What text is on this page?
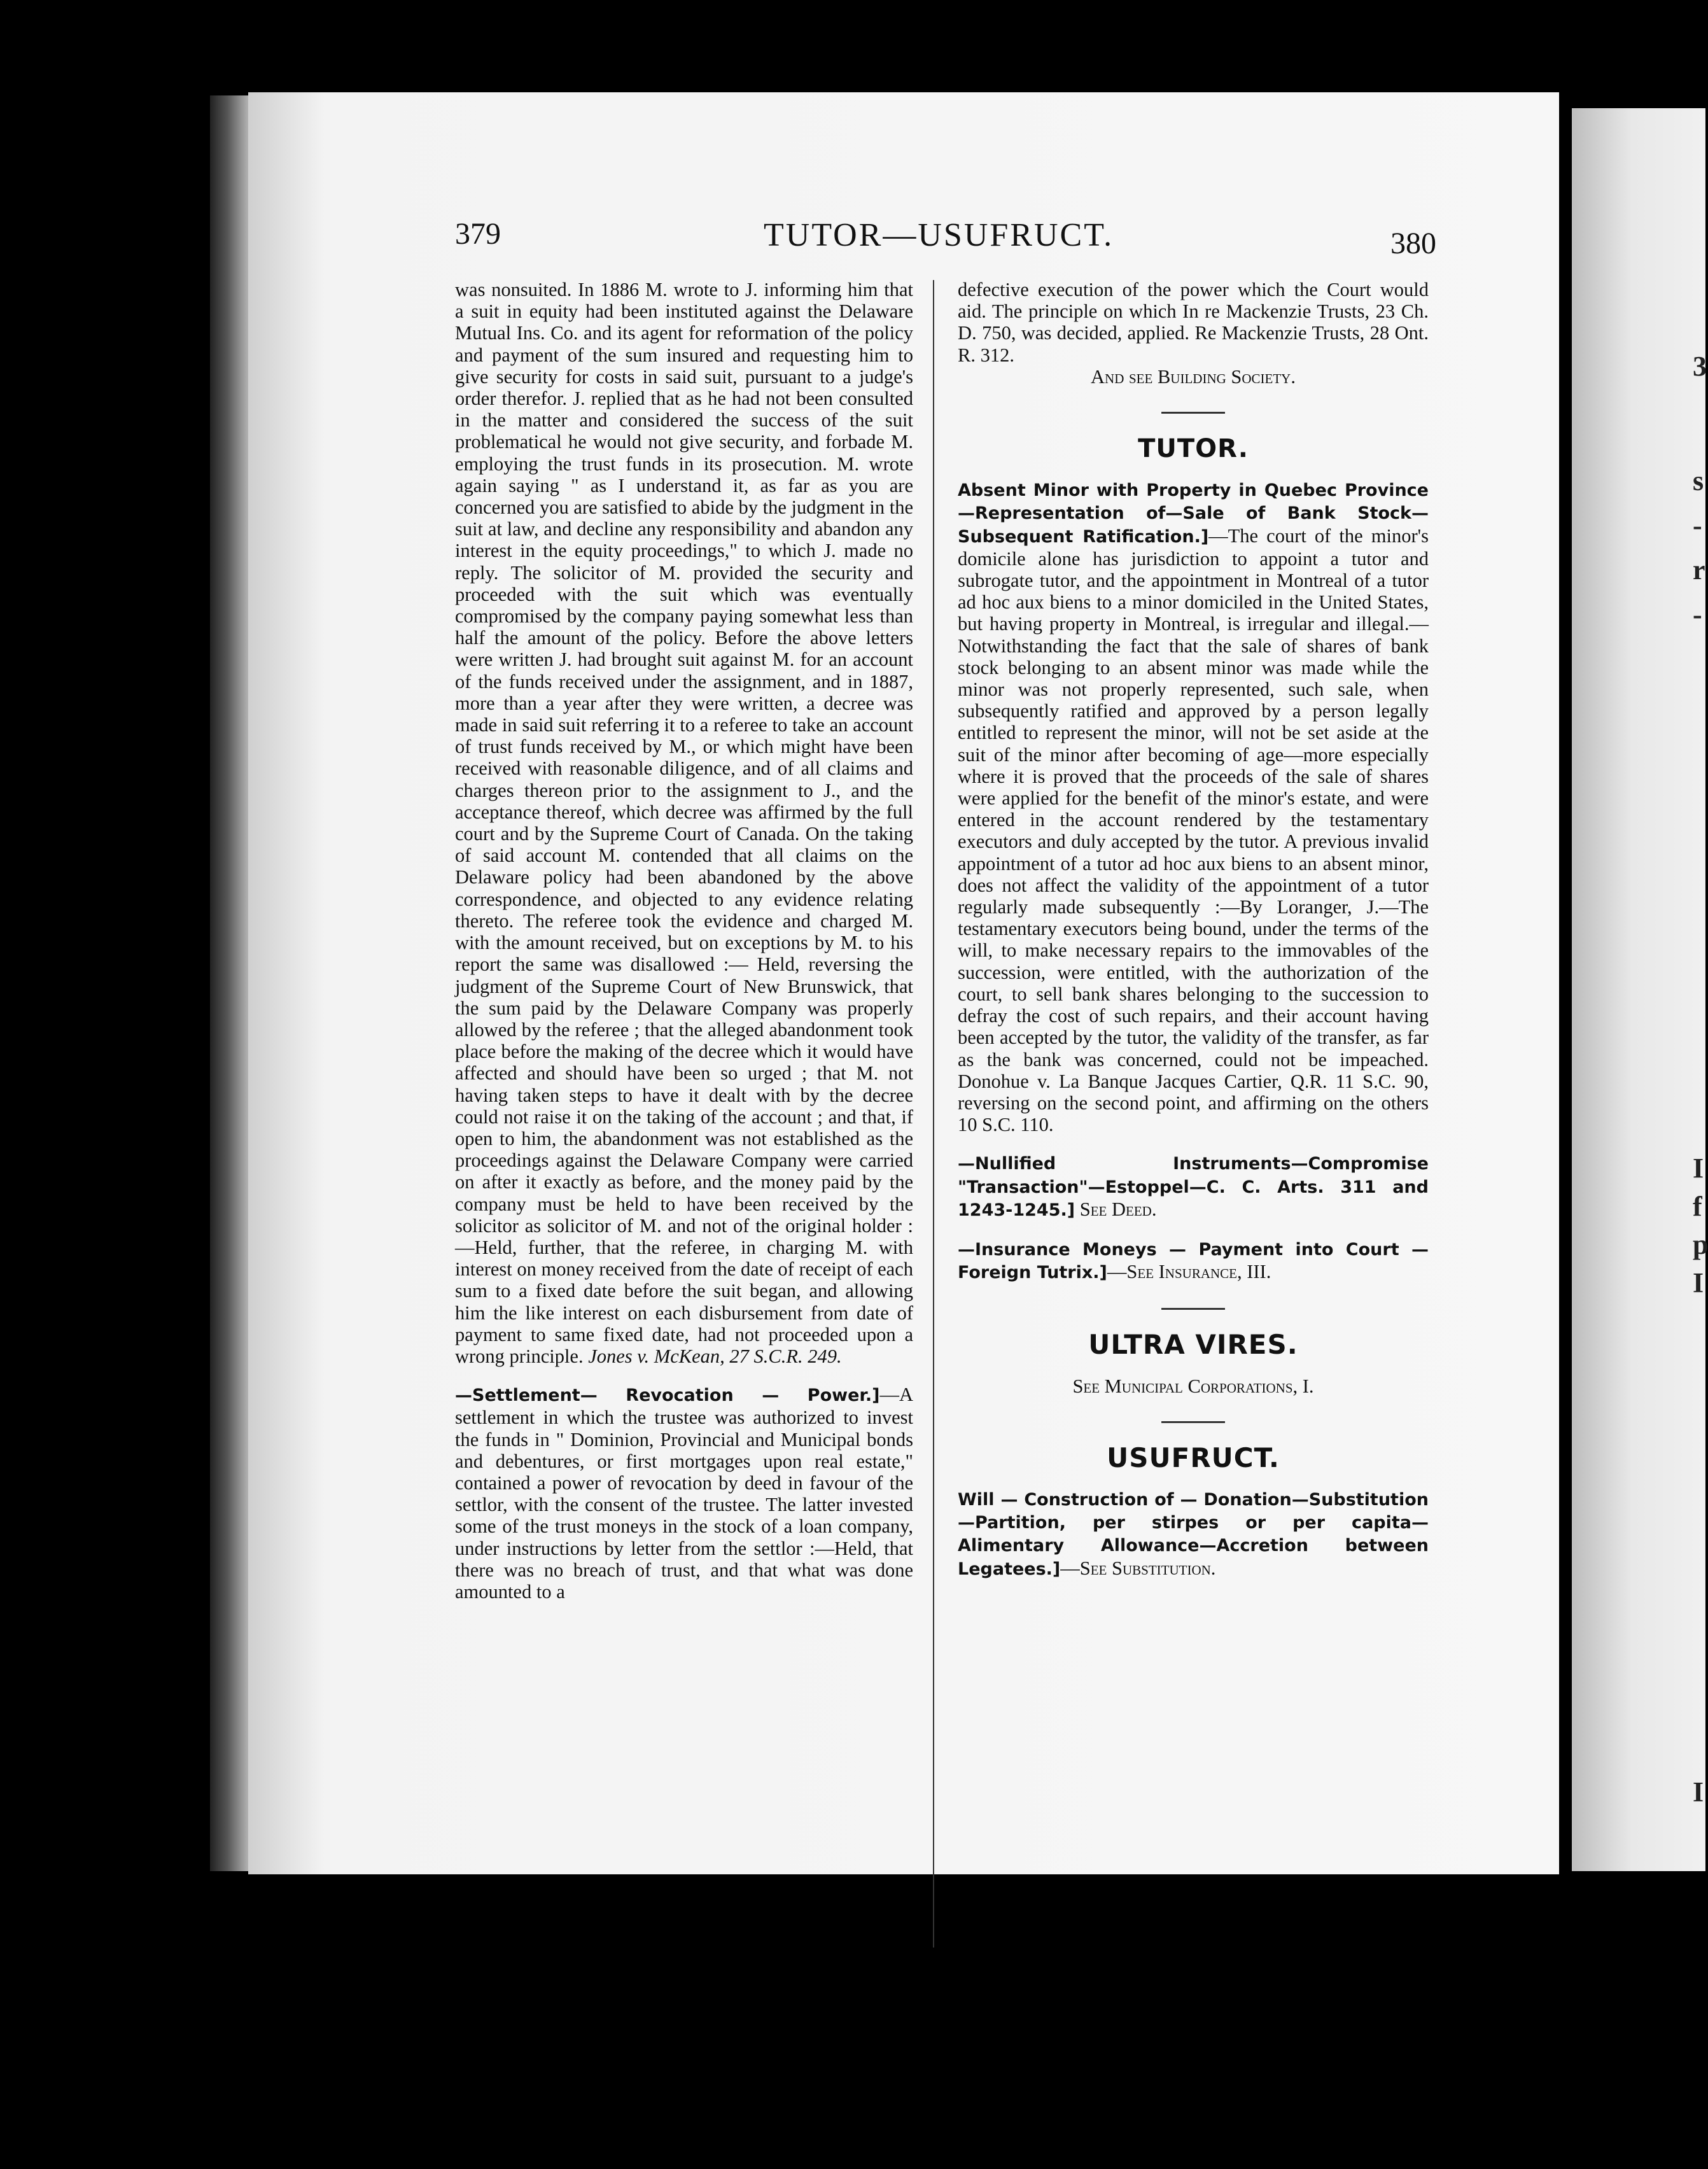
3
s
-
r
-
I
f
p
I
I
379	TUTOR—USUFRUCT.	380

was nonsuited. In 1886 M. wrote to J. informing him that a suit in equity had been instituted against the Delaware Mutual Ins. Co. and its agent for reformation of the policy and payment of the sum insured and requesting him to give security for costs in said suit, pursuant to a judge's order therefor. J. replied that as he had not been consulted in the matter and considered the success of the suit problematical he would not give security, and forbade M. employing the trust funds in its prosecution. M. wrote again saying " as I understand it, as far as you are concerned you are satisfied to abide by the judgment in the suit at law, and decline any responsibility and abandon any interest in the equity proceedings," to which J. made no reply. The solicitor of M. provided the security and proceeded with the suit which was eventually compromised by the company paying somewhat less than half the amount of the policy. Before the above letters were written J. had brought suit against M. for an account of the funds received under the assignment, and in 1887, more than a year after they were written, a decree was made in said suit referring it to a referee to take an account of trust funds received by M., or which might have been received with reasonable diligence, and of all claims and charges thereon prior to the assignment to J., and the acceptance thereof, which decree was affirmed by the full court and by the Supreme Court of Canada. On the taking of said account M. contended that all claims on the Delaware policy had been abandoned by the above correspondence, and objected to any evidence relating thereto. The referee took the evidence and charged M. with the amount received, but on exceptions by M. to his report the same was disallowed :— Held, reversing the judgment of the Supreme Court of New Brunswick, that the sum paid by the Delaware Company was properly allowed by the referee ; that the alleged abandonment took place before the making of the decree which it would have affected and should have been so urged ; that M. not having taken steps to have it dealt with by the decree could not raise it on the taking of the account ; and that, if open to him, the abandonment was not established as the proceedings against the Delaware Company were carried on after it exactly as before, and the money paid by the company must be held to have been received by the solicitor as solicitor of M. and not of the original holder :—Held, further, that the referee, in charging M. with interest on money received from the date of receipt of each sum to a fixed date before the suit began, and allowing him the like interest on each disbursement from date of payment to same fixed date, had not proceeded upon a wrong principle. Jones v. McKean, 27 S.C.R. 249.

—Settlement— Revocation — Power.]—A settlement in which the trustee was authorized to invest the funds in " Dominion, Provincial and Municipal bonds and debentures, or first mortgages upon real estate," contained a power of revocation by deed in favour of the settlor, with the consent of the trustee. The latter invested some of the trust moneys in the stock of a loan company, under instructions by letter from the settlor :—Held, that there was no breach of trust, and that what was done amounted to a

defective execution of the power which the Court would aid. The principle on which In re Mackenzie Trusts, 23 Ch. D. 750, was decided, applied. Re Mackenzie Trusts, 28 Ont. R. 312.

And see Building Society.

TUTOR.

Absent Minor with Property in Quebec Province—Representation of—Sale of Bank Stock—Subsequent Ratification.]—The court of the minor's domicile alone has jurisdiction to appoint a tutor and subrogate tutor, and the appointment in Montreal of a tutor ad hoc aux biens to a minor domiciled in the United States, but having property in Montreal, is irregular and illegal.—Notwithstanding the fact that the sale of shares of bank stock belonging to an absent minor was made while the minor was not properly represented, such sale, when subsequently ratified and approved by a person legally entitled to represent the minor, will not be set aside at the suit of the minor after becoming of age—more especially where it is proved that the proceeds of the sale of shares were applied for the benefit of the minor's estate, and were entered in the account rendered by the testamentary executors and duly accepted by the tutor. A previous invalid appointment of a tutor ad hoc aux biens to an absent minor, does not affect the validity of the appointment of a tutor regularly made subsequently :—By Loranger, J.—The testamentary executors being bound, under the terms of the will, to make necessary repairs to the immovables of the succession, were entitled, with the authorization of the court, to sell bank shares belonging to the succession to defray the cost of such repairs, and their account having been accepted by the tutor, the validity of the transfer, as far as the bank was concerned, could not be impeached. Donohue v. La Banque Jacques Cartier, Q.R. 11 S.C. 90, reversing on the second point, and affirming on the others 10 S.C. 110.

—Nullified Instruments—Compromise "Transaction"—Estoppel—C. C. Arts. 311 and 1243-1245.] See Deed.

—Insurance Moneys — Payment into Court — Foreign Tutrix.]—See Insurance, III.

ULTRA VIRES.

See Municipal Corporations, I.

USUFRUCT.

Will — Construction of — Donation—Substitution—Partition, per stirpes or per capita—Alimentary Allowance—Accretion between Legatees.]—See Substitution.
